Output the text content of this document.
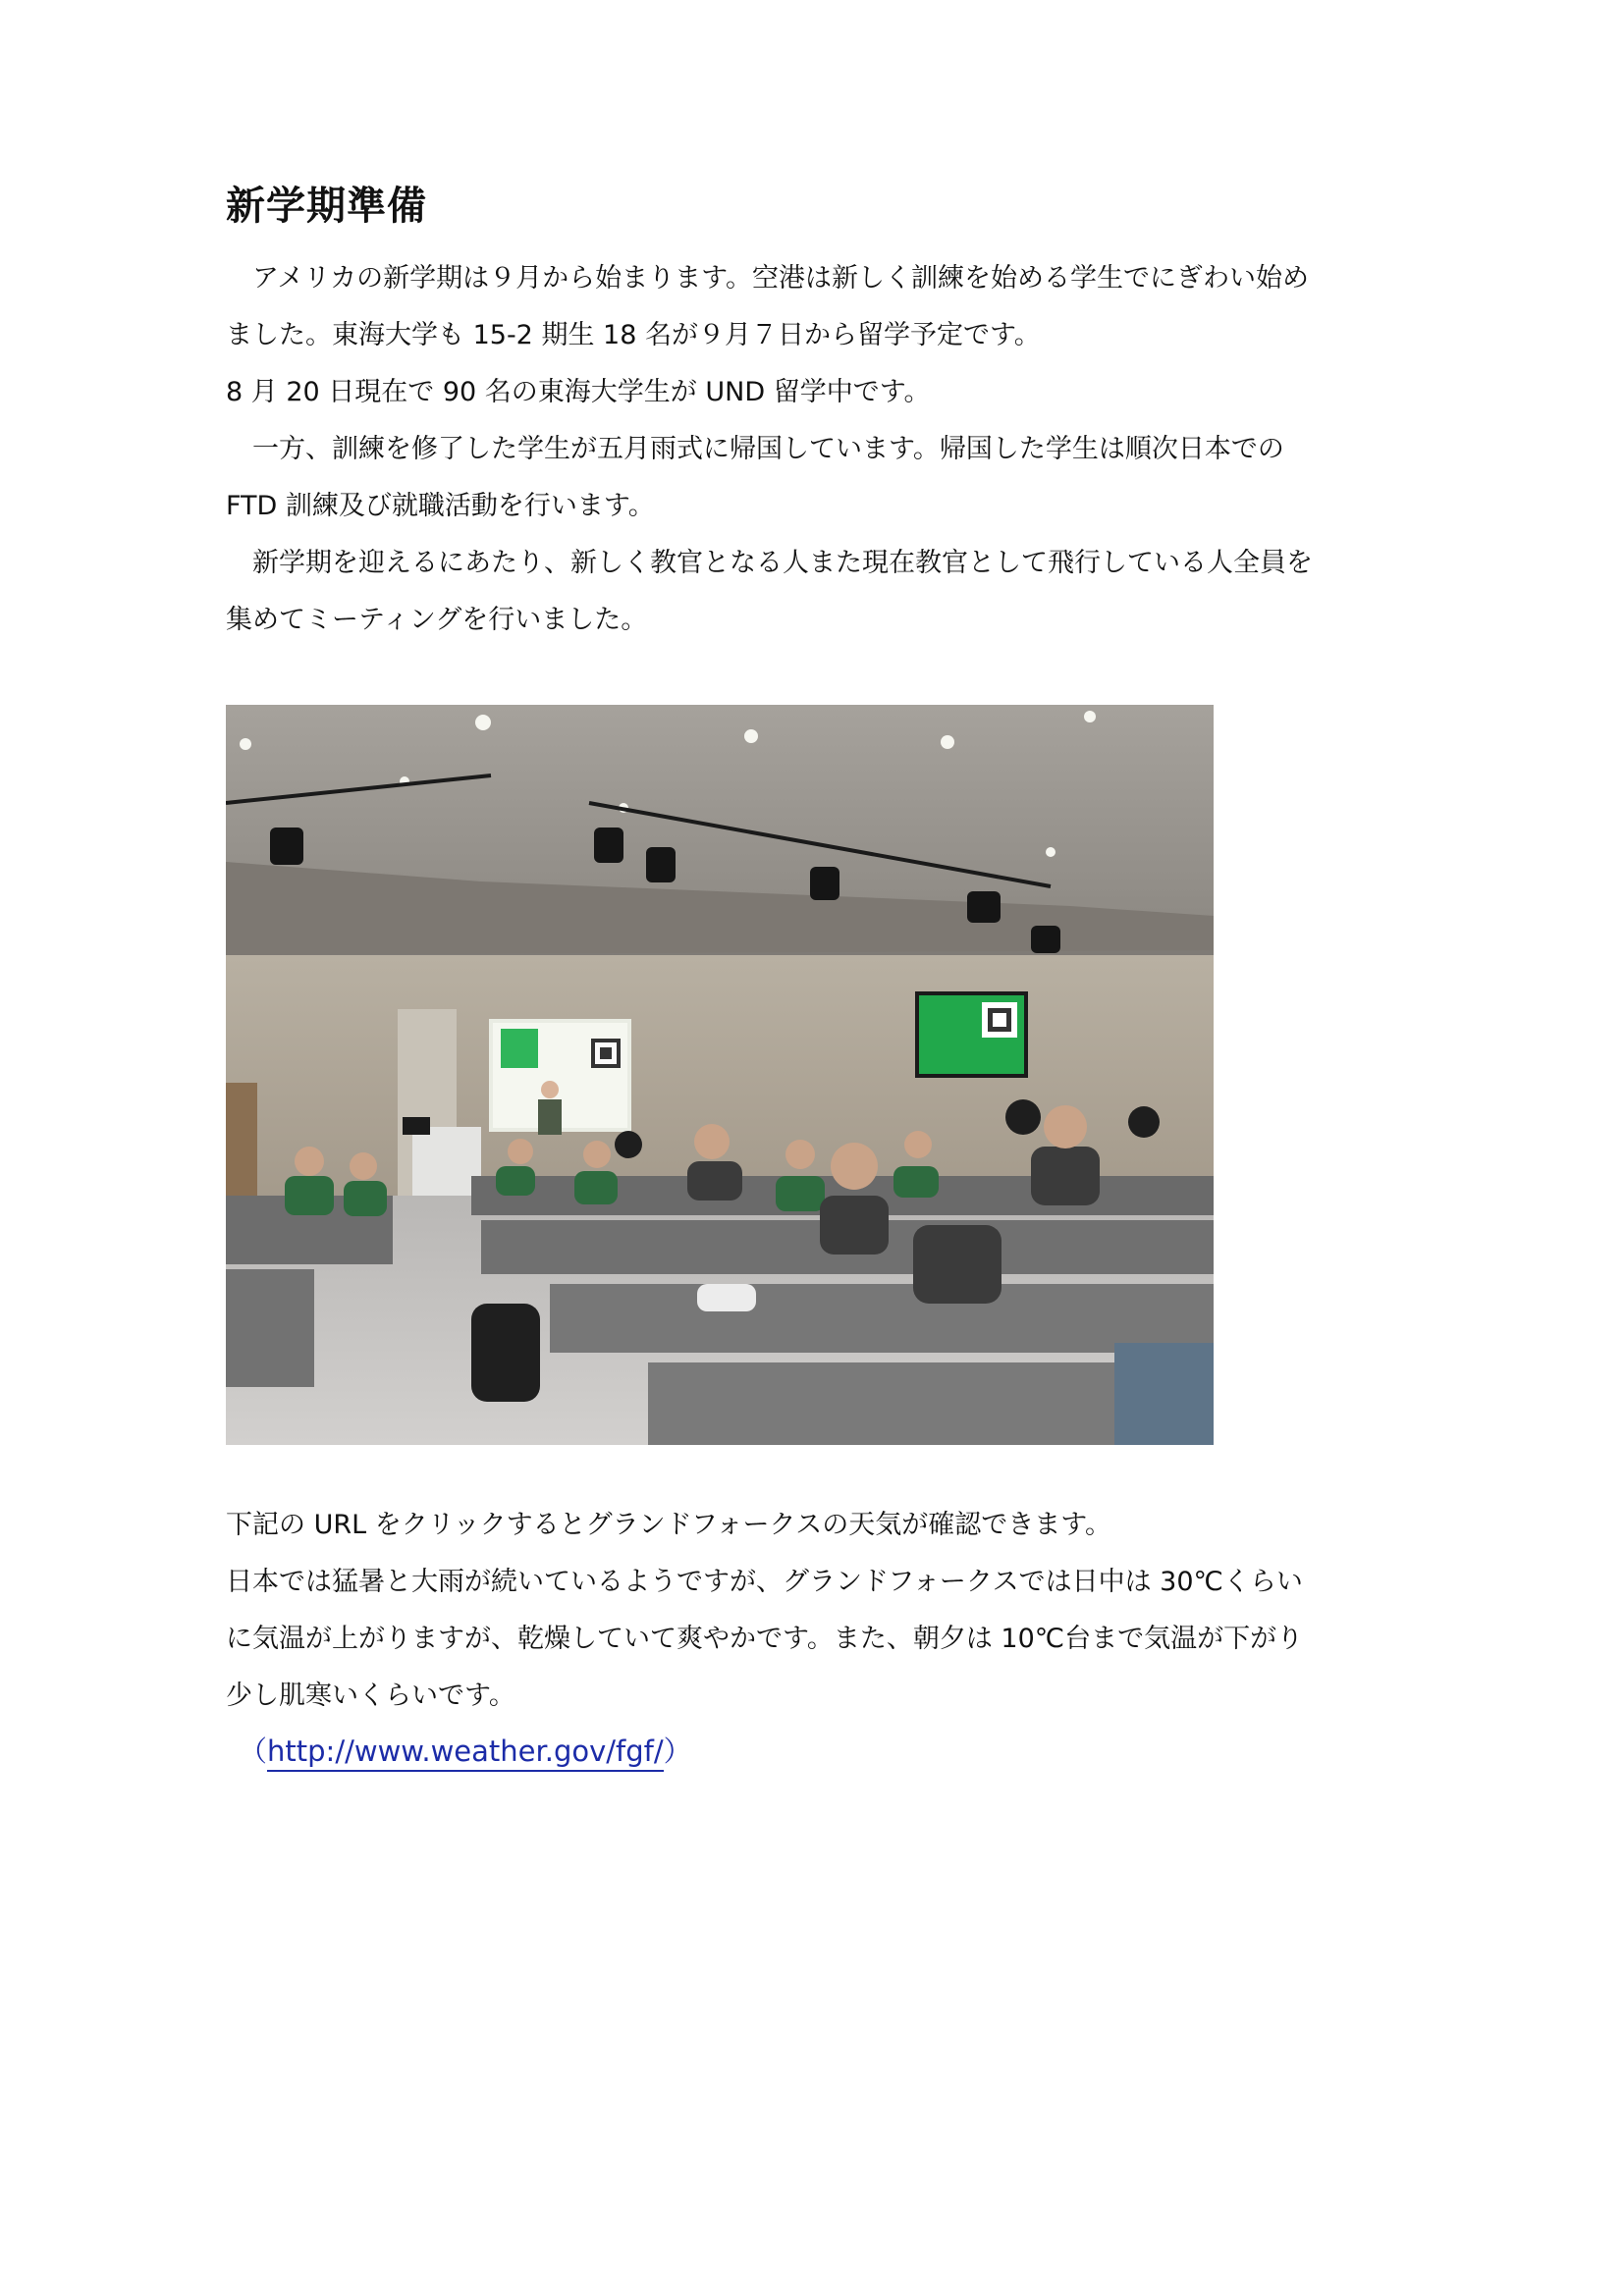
新学期準備
　アメリカの新学期は９月から始まります。空港は新しく訓練を始める学生でにぎわい始め
ました。東海大学も 15-2 期生 18 名が９月７日から留学予定です。
8 月 20 日現在で 90 名の東海大学生が UND 留学中です。
　一方、訓練を修了した学生が五月雨式に帰国しています。帰国した学生は順次日本での
FTD 訓練及び就職活動を行います。
　新学期を迎えるにあたり、新しく教官となる人また現在教官として飛行している人全員を
集めてミーティングを行いました。
下記の URL をクリックするとグランドフォークスの天気が確認できます。
日本では猛暑と大雨が続いているようですが、グランドフォークスでは日中は 30℃くらい
に気温が上がりますが、乾燥していて爽やかです。また、朝夕は 10℃台まで気温が下がり
少し肌寒いくらいです。
（http://www.weather.gov/fgf/）
